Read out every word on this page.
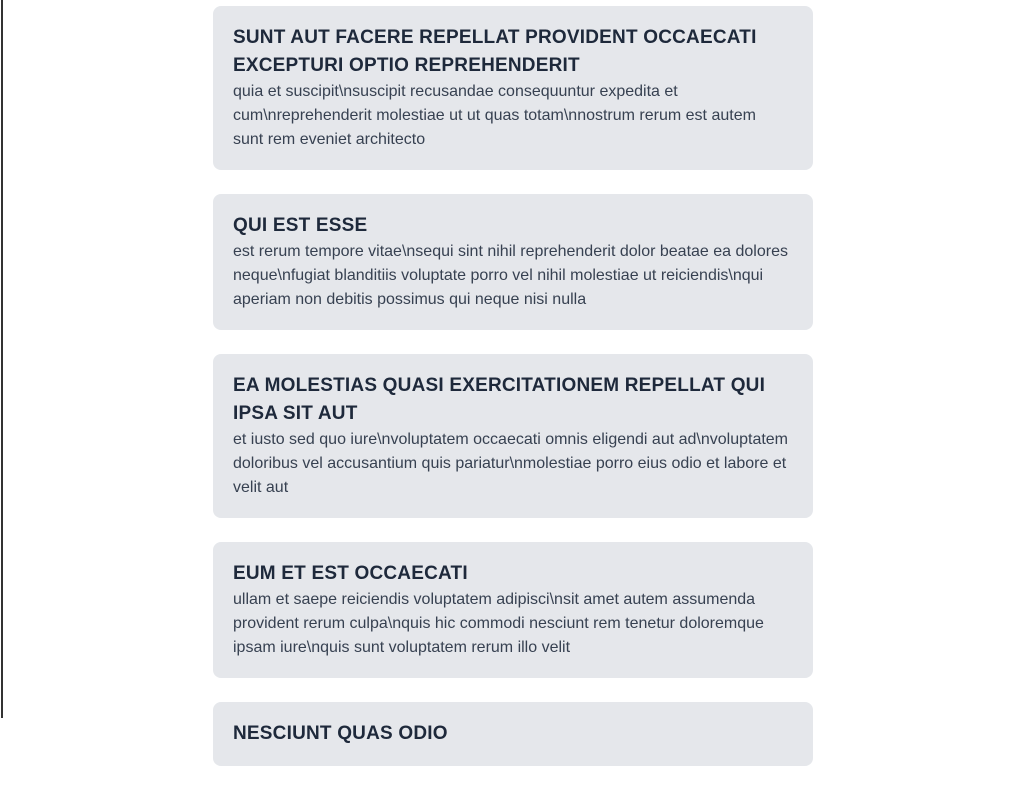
SUNT AUT FACERE REPELLAT PROVIDENT OCCAECATI EXCEPTURI OPTIO REPREHENDERIT
quia et suscipit\nsuscipit recusandae consequuntur expedita et cum\nreprehenderit molestiae ut ut quas totam\nnostrum rerum est autem sunt rem eveniet architecto
QUI EST ESSE
est rerum tempore vitae\nsequi sint nihil reprehenderit dolor beatae ea dolores neque\nfugiat blanditiis voluptate porro vel nihil molestiae ut reiciendis\nqui aperiam non debitis possimus qui neque nisi nulla
EA MOLESTIAS QUASI EXERCITATIONEM REPELLAT QUI IPSA SIT AUT
et iusto sed quo iure\nvoluptatem occaecati omnis eligendi aut ad\nvoluptatem doloribus vel accusantium quis pariatur\nmolestiae porro eius odio et labore et velit aut
EUM ET EST OCCAECATI
ullam et saepe reiciendis voluptatem adipisci\nsit amet autem assumenda provident rerum culpa\nquis hic commodi nesciunt rem tenetur doloremque ipsam iure\nquis sunt voluptatem rerum illo velit
NESCIUNT QUAS ODIO
